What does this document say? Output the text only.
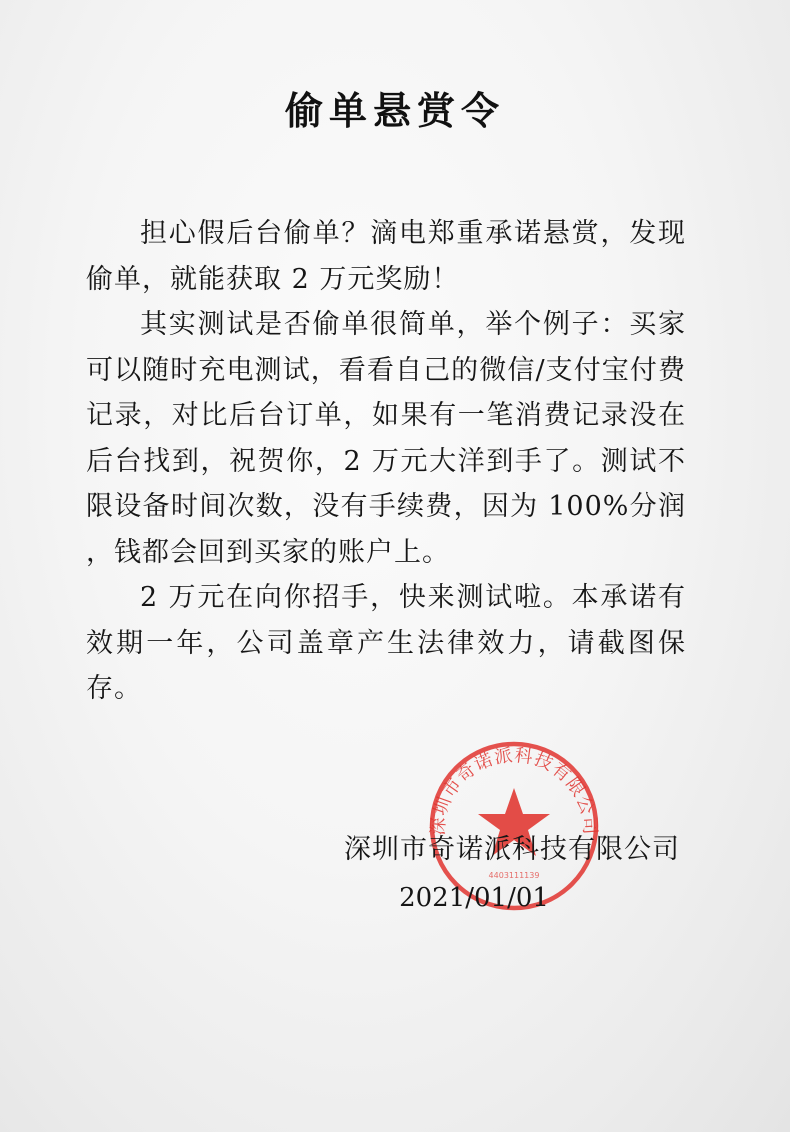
偷单悬赏令

担心假后台偷单？滴电郑重承诺悬赏，发现偷单，就能获取 2 万元奖励！

其实测试是否偷单很简单，举个例子：买家可以随时充电测试，看看自己的微信/支付宝付费记录，对比后台订单，如果有一笔消费记录没在后台找到，祝贺你，2 万元大洋到手了。测试不限设备时间次数，没有手续费，因为 100%分润 ，钱都会回到买家的账户上。

2 万元在向你招手，快来测试啦。本承诺有效期一年，公司盖章产生法律效力，请截图保存。

深圳市奇诺派科技有限公司
4403111139
深圳市奇诺派科技有限公司
2021/01/01
